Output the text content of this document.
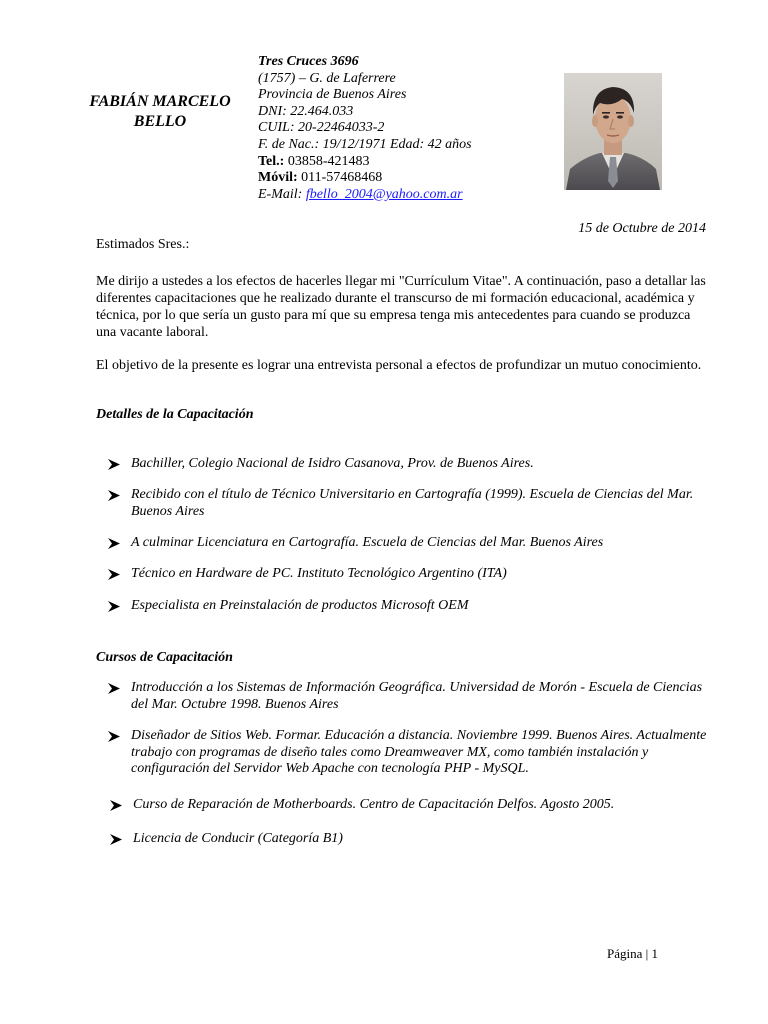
FABIÁN MARCELO
BELLO
Tres Cruces 3696
(1757) – G. de Laferrere
Provincia de Buenos Aires
DNI: 22.464.033
CUIL: 20-22464033-2
F. de Nac.: 19/12/1971 Edad: 42 años
Tel.: 03858-421483
Móvil: 011-57468468
E-Mail: fbello_2004@yahoo.com.ar
15 de Octubre de 2014
Estimados Sres.:
Me dirijo a ustedes a los efectos de hacerles llegar mi "Currículum Vitae". A continuación, paso a detallar las diferentes capacitaciones que he realizado durante el transcurso de mi formación educacional, académica y técnica, por lo que sería un gusto para mí que su empresa tenga mis antecedentes para cuando se produzca una vacante laboral.
El objetivo de la presente es lograr una entrevista personal a efectos de profundizar un mutuo conocimiento.
Detalles de la Capacitación
Bachiller, Colegio Nacional de Isidro Casanova, Prov. de Buenos Aires.
Recibido con el título de Técnico Universitario en Cartografía (1999). Escuela de Ciencias del Mar. Buenos Aires
A culminar Licenciatura en Cartografía. Escuela de Ciencias del Mar. Buenos Aires
Técnico en Hardware de PC. Instituto Tecnológico Argentino (ITA)
Especialista en Preinstalación de productos Microsoft OEM
Cursos de Capacitación
Introducción a los Sistemas de Información Geográfica. Universidad de Morón - Escuela de Ciencias del Mar. Octubre 1998. Buenos Aires
Diseñador de Sitios Web. Formar. Educación a distancia. Noviembre 1999. Buenos Aires. Actualmente trabajo con programas de diseño tales como Dreamweaver MX, como también instalación y configuración del Servidor Web Apache con tecnología PHP - MySQL.
Curso de Reparación de Motherboards. Centro de Capacitación Delfos. Agosto 2005.
Licencia de Conducir (Categoría B1)
Página | 1
